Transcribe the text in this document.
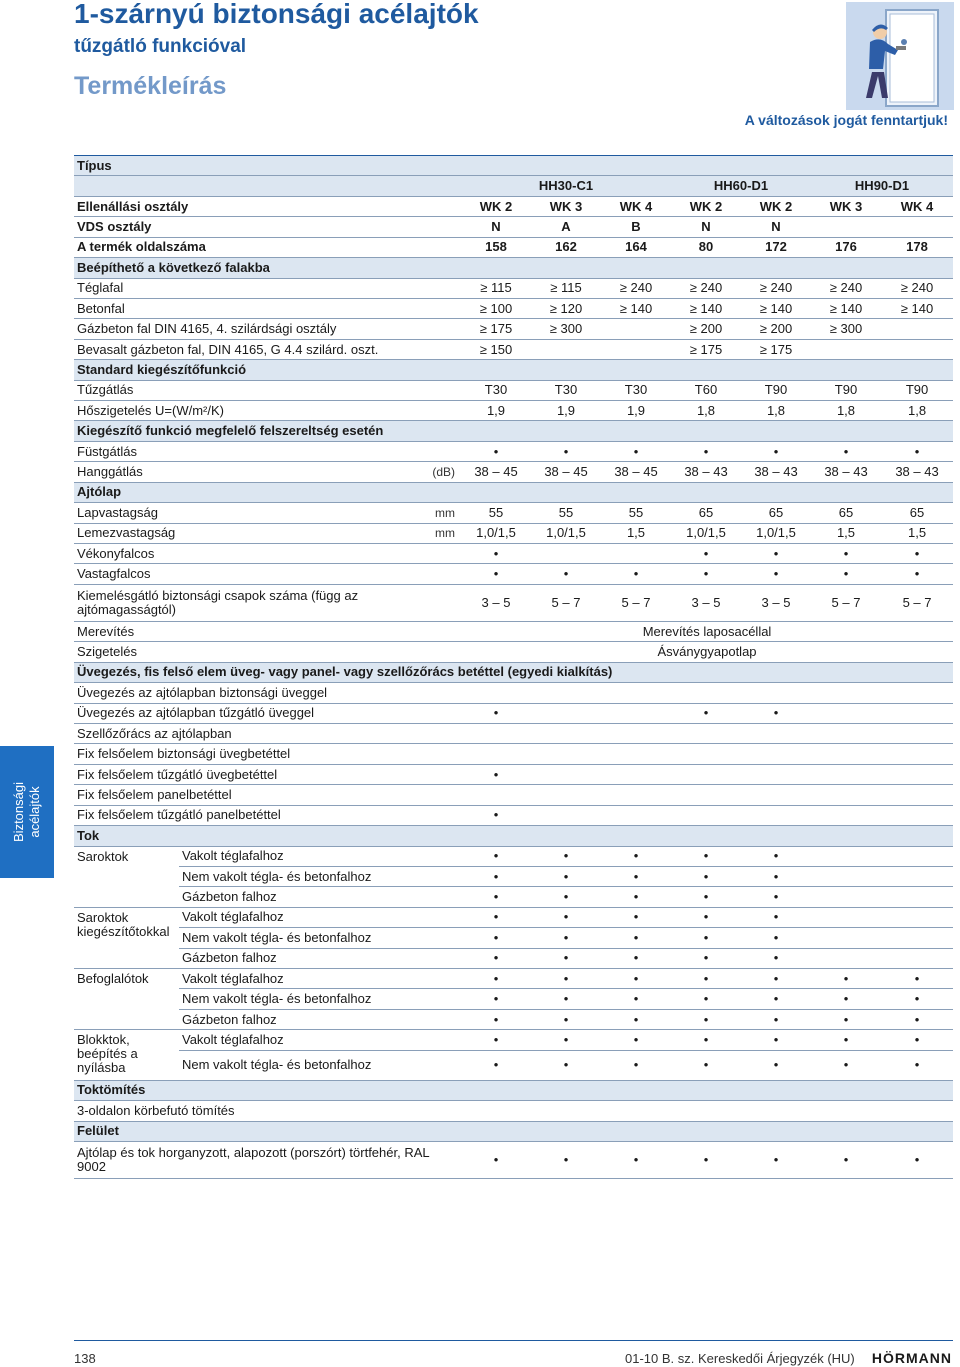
1-szárnyú biztonsági acélajtók
tűzgátló funkcióval
Termékleírás
A változások jogát fenntartjuk!
Biztonsági
acélajtók
Típus									
			HH30-C1			HH60-D1		HH90-D1	
Ellenállási osztály			WK 2	WK 3	WK 4	WK 2	WK 2	WK 3	WK 4
VDS osztály			N	A	B	N	N		
A termék oldalszáma			158	162	164	80	172	176	178
Beépíthető a következő falakba									
Téglafal			≥ 115	≥ 115	≥ 240	≥ 240	≥ 240	≥ 240	≥ 240
Betonfal			≥ 100	≥ 120	≥ 140	≥ 140	≥ 140	≥ 140	≥ 140
Gázbeton fal DIN 4165, 4. szilárdsági osztály			≥ 175	≥ 300		≥ 200	≥ 200	≥ 300	
Bevasalt gázbeton fal, DIN 4165, G 4.4 szilárd. oszt.			≥ 150			≥ 175	≥ 175		
Standard kiegészítőfunkció									
Tűzgátlás			T30	T30	T30	T60	T90	T90	T90
Hőszigetelés U=(W/m²/K)			1,9	1,9	1,9	1,8	1,8	1,8	1,8
Kiegészítő funkció megfelelő felszereltség esetén									
Füstgátlás			•	•	•	•	•	•	•
Hanggátlás		(dB)	38 – 45	38 – 45	38 – 45	38 – 43	38 – 43	38 – 43	38 – 43
Ajtólap									
Lapvastagság		mm	55	55	55	65	65	65	65
Lemezvastagság		mm	1,0/1,5	1,0/1,5	1,5	1,0/1,5	1,0/1,5	1,5	1,5
Vékonyfalcos			•			•	•	•	•
Vastagfalcos			•	•	•	•	•	•	•
Kiemelésgátló biztonsági csapok száma (függ az ajtómagasságtól)			3 – 5	5 – 7	5 – 7	3 – 5	3 – 5	5 – 7	5 – 7
Merevítés			Merevítés laposacéllal						
Szigetelés			Ásványgyapotlap						
Üvegezés, fis felső elem üveg- vagy panel- vagy szellőzőrács betéttel (egyedi kialkítás)									
Üvegezés az ajtólapban biztonsági üveggel									
Üvegezés az ajtólapban tűzgátló üveggel			•			•	•		
Szellőzőrács az ajtólapban									
Fix felsőelem biztonsági üvegbetéttel									
Fix felsőelem tűzgátló üvegbetéttel			•						
Fix felsőelem panelbetéttel									
Fix felsőelem tűzgátló panelbetéttel			•						
Tok									
Saroktok	Vakolt téglafalhoz		•	•	•	•	•		
	Nem vakolt tégla- és betonfalhoz		•	•	•	•	•		
	Gázbeton falhoz		•	•	•	•	•		
Saroktok kiegészítőtokkal	Vakolt téglafalhoz		•	•	•	•	•		
	Nem vakolt tégla- és betonfalhoz		•	•	•	•	•		
	Gázbeton falhoz		•	•	•	•	•		
Befoglalótok	Vakolt téglafalhoz		•	•	•	•	•	•	•
	Nem vakolt tégla- és betonfalhoz		•	•	•	•	•	•	•
	Gázbeton falhoz		•	•	•	•	•	•	•
Blokktok, beépítés a nyílásba	Vakolt téglafalhoz		•	•	•	•	•	•	•
	Nem vakolt tégla- és betonfalhoz		•	•	•	•	•	•	•
Toktömítés									
3-oldalon körbefutó tömítés									
Felület									
Ajtólap és tok horganyzott, alapozott (porszórt) törtfehér, RAL 9002			•	•	•	•	•	•	•
138	01-10 B. sz. Kereskedői Árjegyzék (HU) HÖRMANN
